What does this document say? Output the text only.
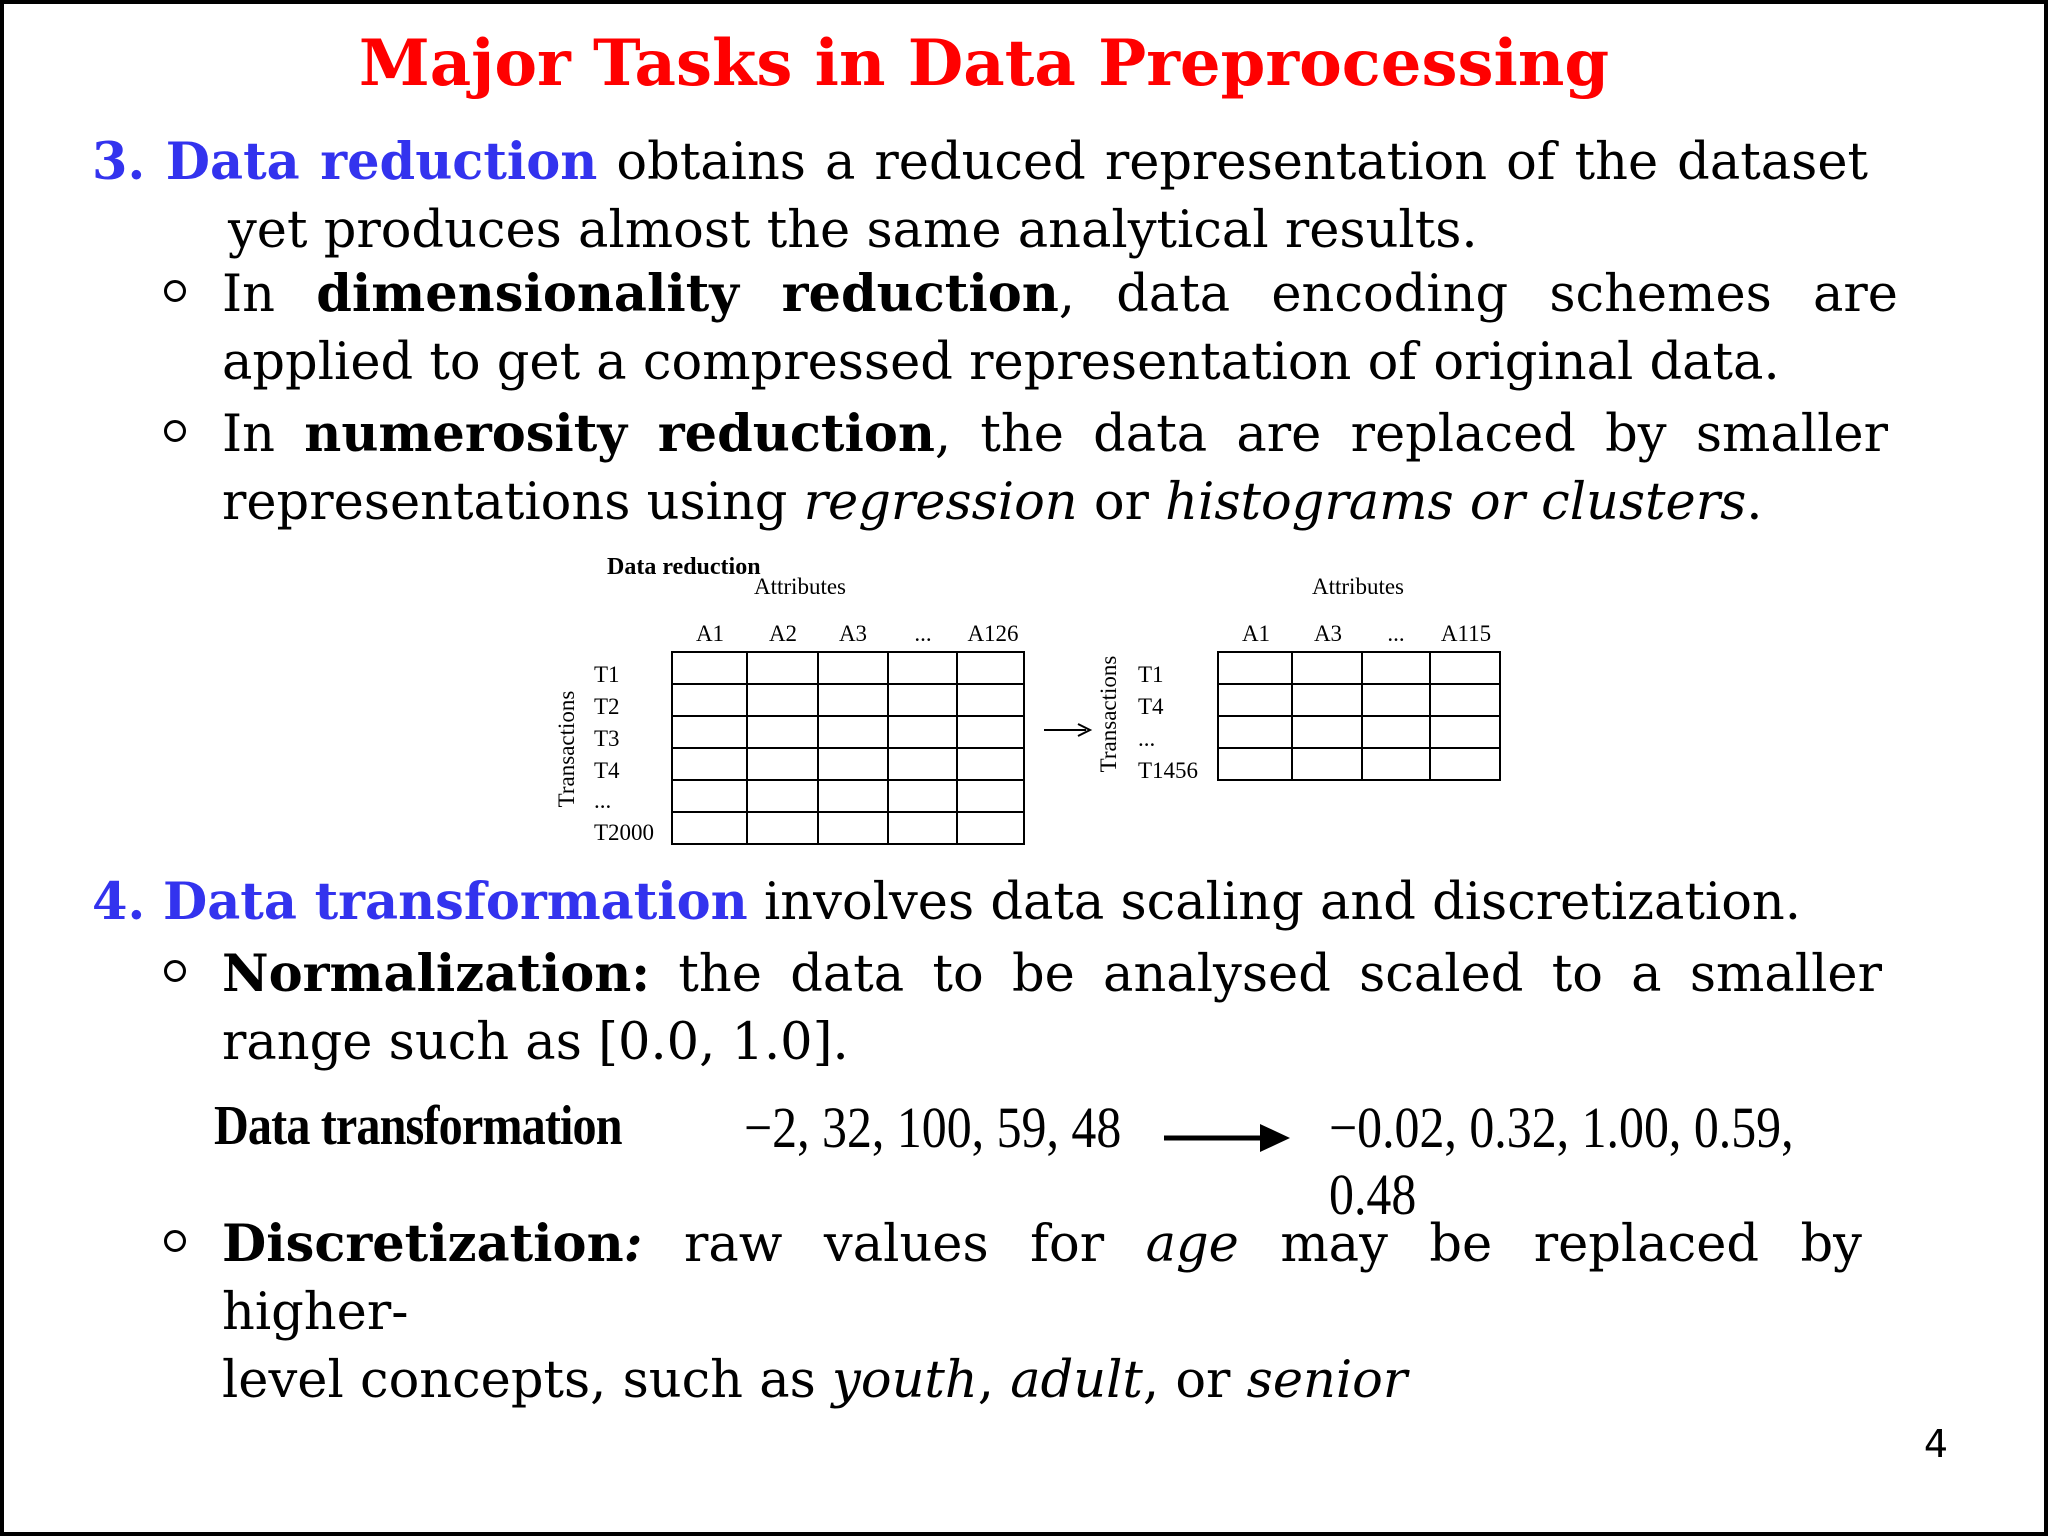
Major Tasks in Data Preprocessing
3. Data reduction obtains a reduced representation of the dataset
yet produces almost the same analytical results.
In dimensionality reduction, data encoding schemes are
applied to get a compressed representation of original data.
In numerosity reduction, the data are replaced by smaller
representations using regression or histograms or clusters.
Data reduction
Attributes
Transactions
A1 A2 A3 ... A126
T1
T2
T3
T4
...
T2000
Transactions
Attributes
A1 A3 ... A115
T1
T4
...
T1456
4. Data transformation involves data scaling and discretization.
Normalization: the data to be analysed scaled to a smaller
range such as [0.0, 1.0].
Data transformation −2, 32, 100, 59, 48	−0.02, 0.32, 1.00, 0.59, 0.48
Discretization: raw values for age may be replaced by higher-
level concepts, such as youth, adult, or senior
4
